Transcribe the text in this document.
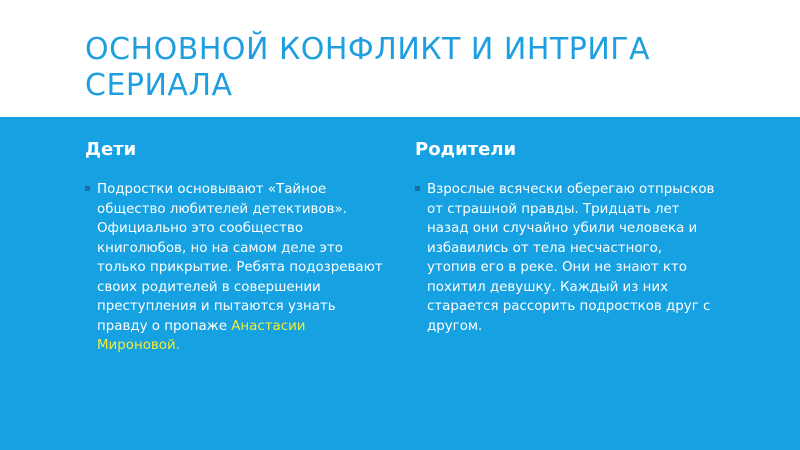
ОСНОВНОЙ КОНФЛИКТ И ИНТРИГА СЕРИАЛА
Дети
Подростки основывают «Тайное общество любителей детективов». Официально это сообщество книголюбов, но на самом деле это только прикрытие. Ребята подозревают своих родителей в совершении преступления и пытаются узнать правду о пропаже Анастасии Мироновой.
Родители
Взрослые всячески оберегаю отпрысков от страшной правды. Тридцать лет назад они случайно убили человека и избавились от тела несчастного, утопив его в реке. Они не знают кто похитил девушку. Каждый из них старается рассорить подростков друг с другом.
